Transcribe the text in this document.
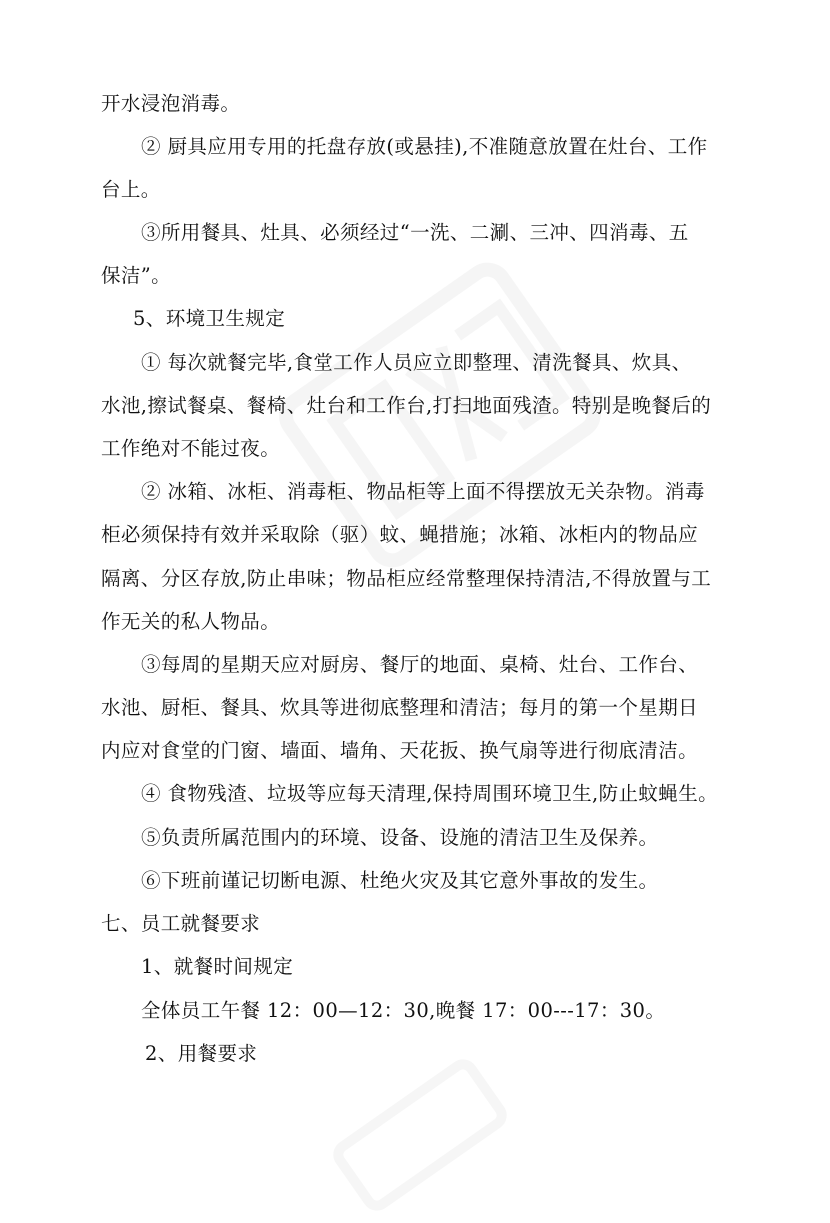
开水浸泡消毒。

② 厨具应用专用的托盘存放(或悬挂),不准随意放置在灶台、工作

台上。

③所用餐具、灶具、必须经过“一洗、二涮、三冲、四消毒、五

保洁”。

5、环境卫生规定

① 每次就餐完毕,食堂工作人员应立即整理、清洗餐具、炊具、

水池,擦试餐桌、餐椅、灶台和工作台,打扫地面残渣。特别是晚餐后的

工作绝对不能过夜。

② 冰箱、冰柜、消毒柜、物品柜等上面不得摆放无关杂物。消毒

柜必须保持有效并采取除（驱）蚊、蝇措施；冰箱、冰柜内的物品应

隔离、分区存放,防止串味；物品柜应经常整理保持清洁,不得放置与工

作无关的私人物品。

③每周的星期天应对厨房、餐厅的地面、桌椅、灶台、工作台、

水池、厨柜、餐具、炊具等进彻底整理和清洁；每月的第一个星期日

内应对食堂的门窗、墙面、墙角、天花扳、换气扇等进行彻底清洁。

④ 食物残渣、垃圾等应每天清理,保持周围环境卫生,防止蚊蝇生。

⑤负责所属范围内的环境、设备、设施的清洁卫生及保养。

⑥下班前谨记切断电源、杜绝火灾及其它意外事故的发生。

七、员工就餐要求

1、就餐时间规定

全体员工午餐 12：00—12：30,晚餐 17：00---17：30。

2、用餐要求
